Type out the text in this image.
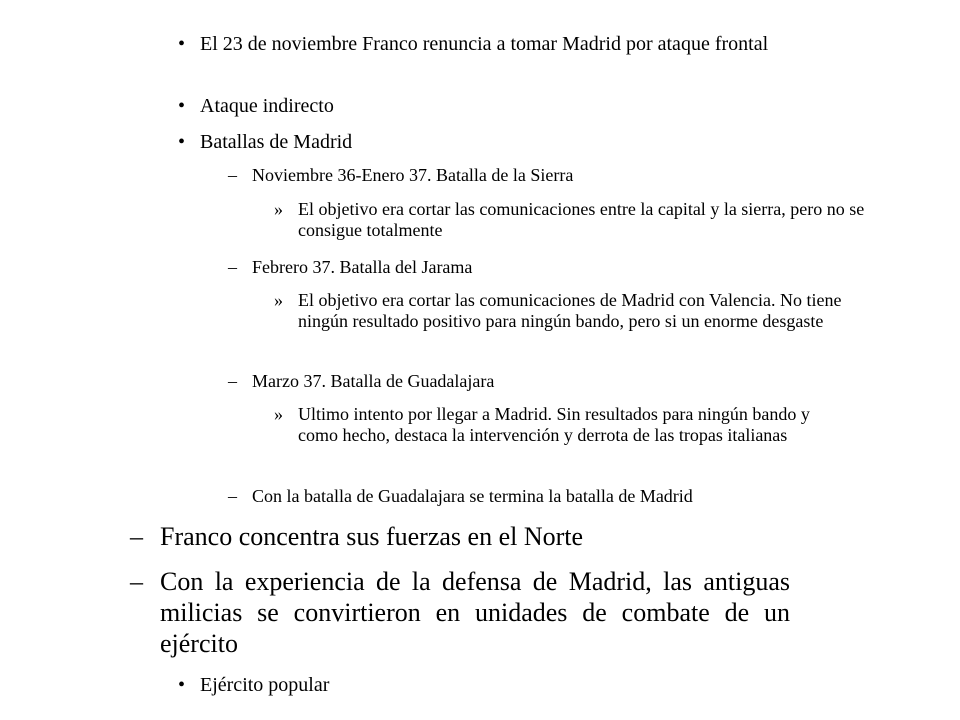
• El 23 de noviembre Franco renuncia a tomar Madrid por ataque frontal
• Ataque indirecto
• Batallas de Madrid
– Noviembre 36-Enero 37. Batalla de la Sierra
» El objetivo era cortar las comunicaciones entre la capital y la sierra, pero no se consigue totalmente
– Febrero 37. Batalla del Jarama
» El objetivo era cortar las comunicaciones de Madrid con Valencia. No tiene ningún resultado positivo para ningún bando, pero si un enorme desgaste
– Marzo 37. Batalla de Guadalajara
» Ultimo intento por llegar a Madrid. Sin resultados para ningún bando y como hecho, destaca la intervención y derrota de las tropas italianas
– Con la batalla de Guadalajara se termina la batalla de Madrid
– Franco concentra sus fuerzas en el Norte
– Con la experiencia de la defensa de Madrid, las antiguas milicias se convirtieron en unidades de combate de un ejército
• Ejército popular
